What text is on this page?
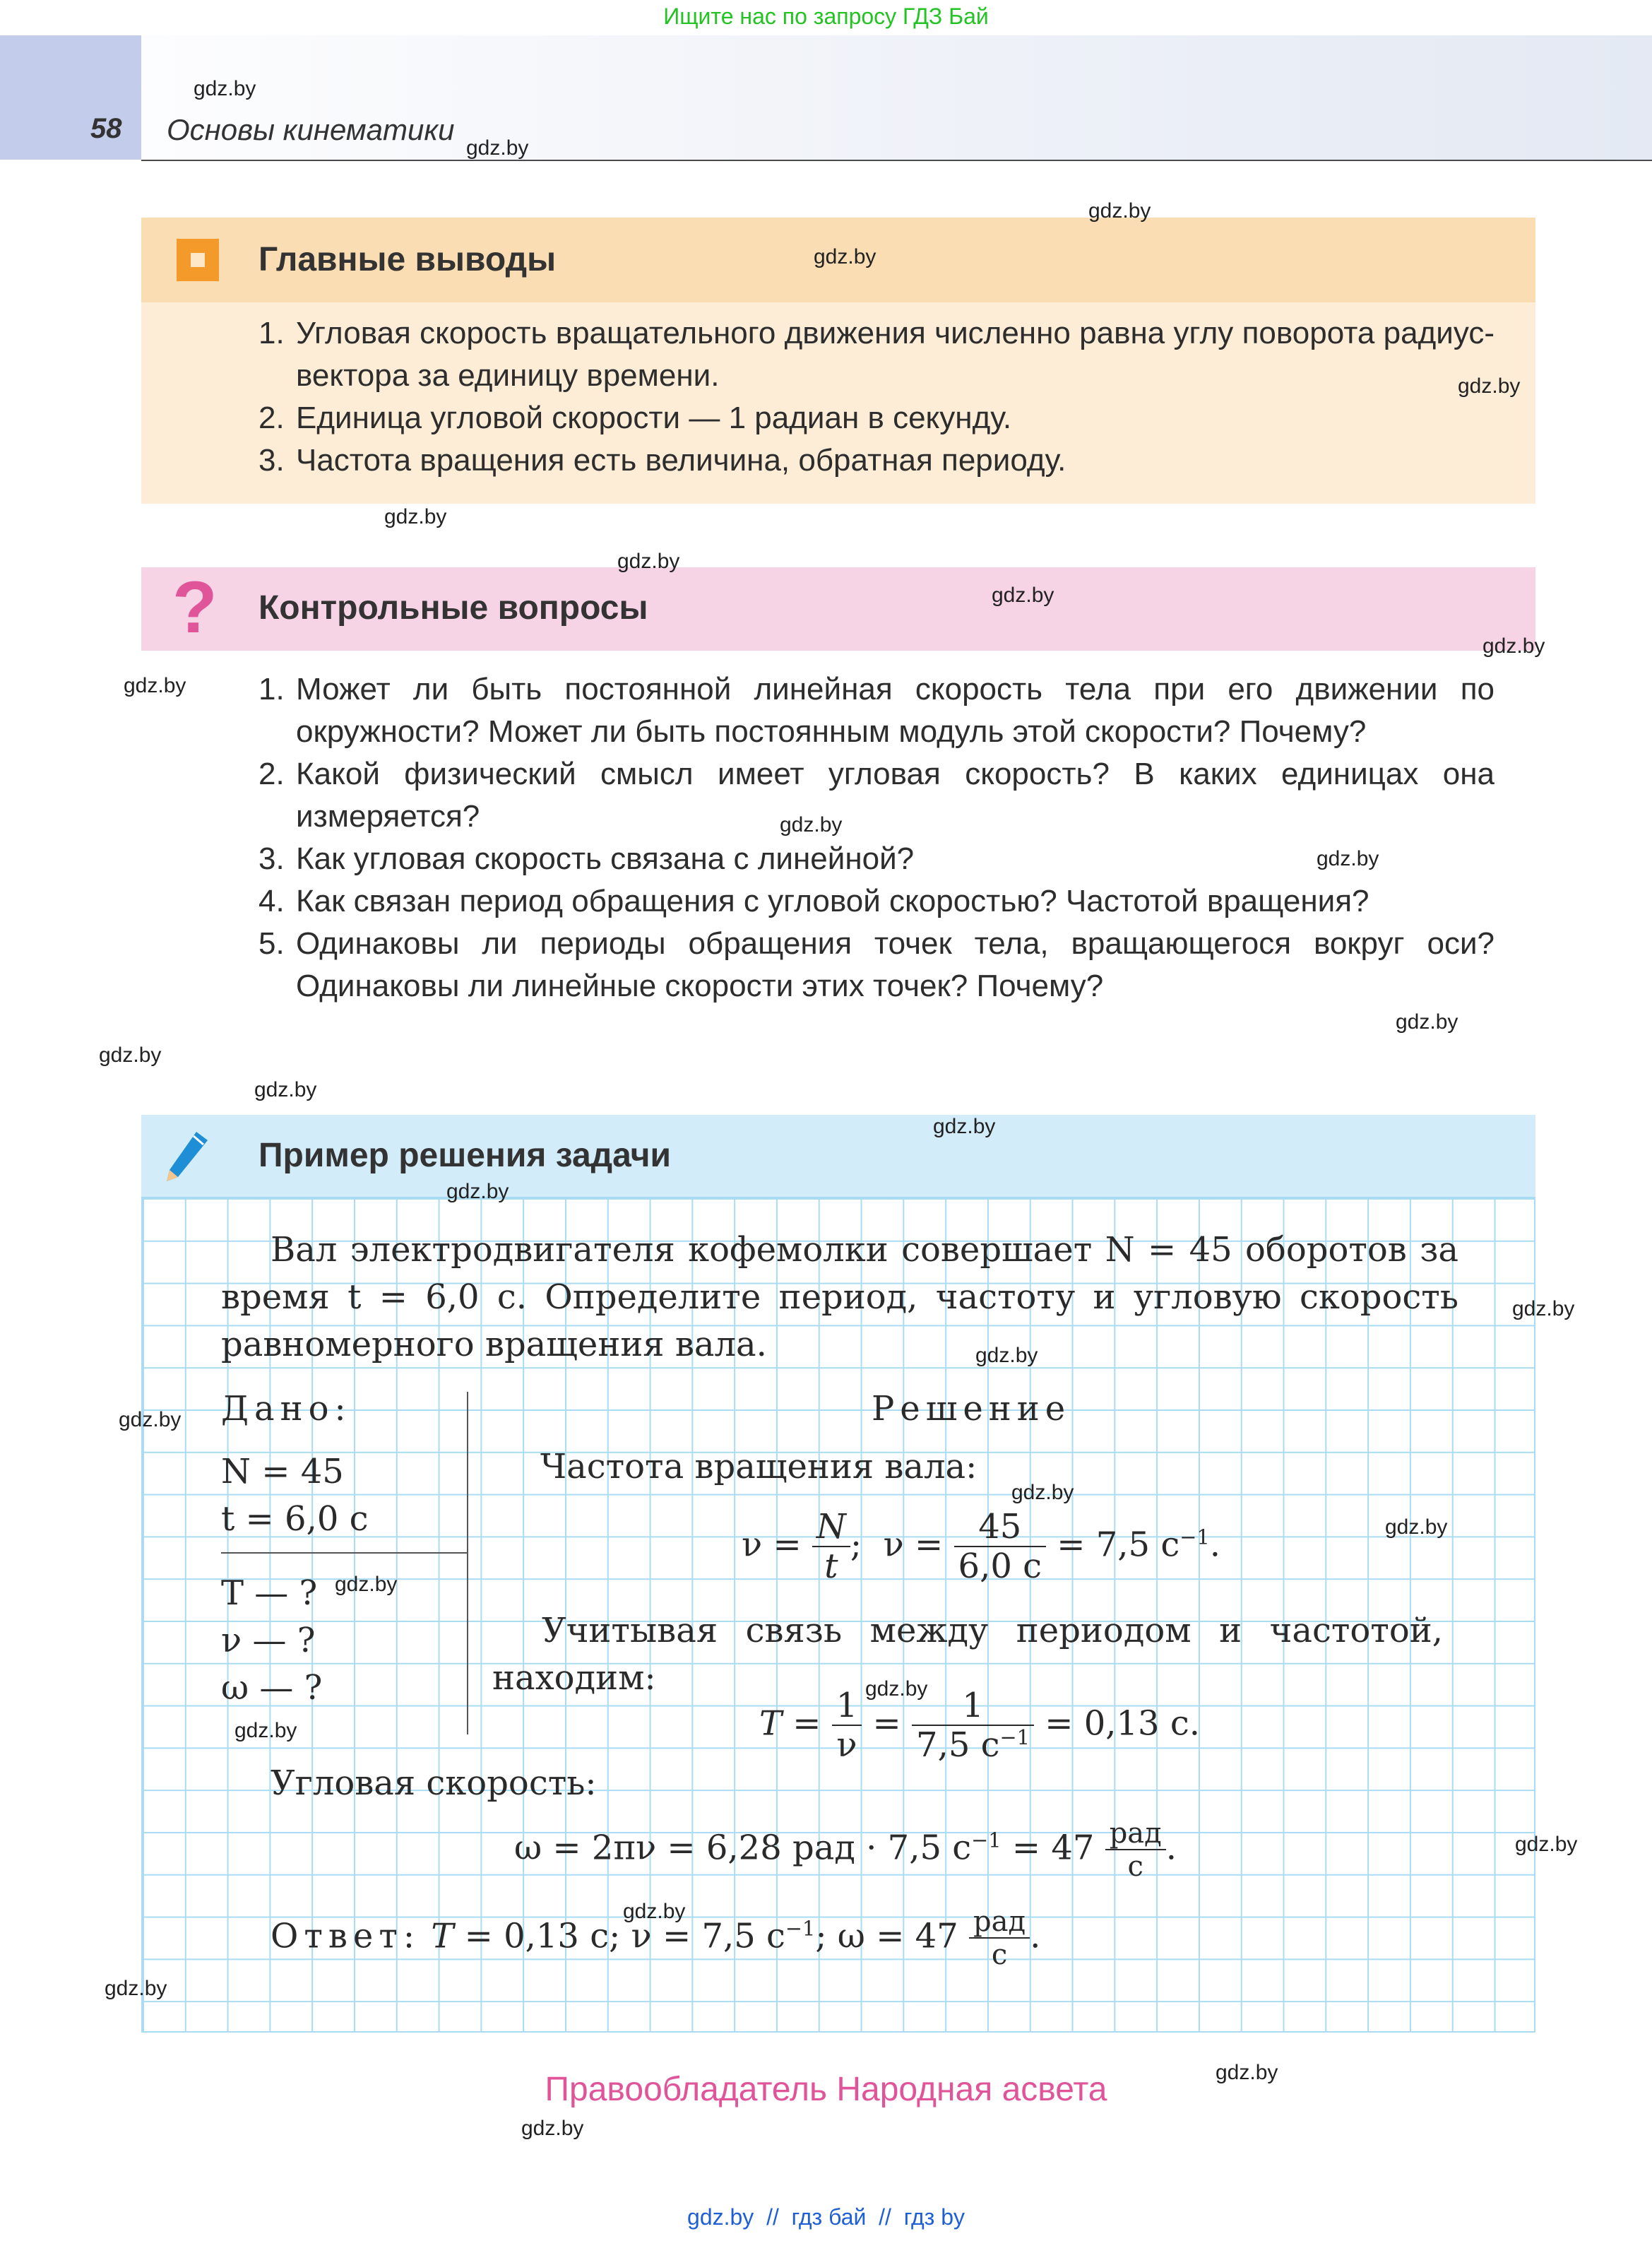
Ищите нас по запросу ГДЗ Бай
58 Основы кинематики
Главные выводы
1. Угловая скорость вращательного движения численно равна углу поворота радиус-вектора за единицу времени.
2. Единица угловой скорости — 1 радиан в секунду.
3. Частота вращения есть величина, обратная периоду.
? Контрольные вопросы
1. Может ли быть постоянной линейная скорость тела при его движении по окружности? Может ли быть постоянным модуль этой скорости? Почему?
2. Какой физический смысл имеет угловая скорость? В каких единицах она измеряется?
3. Как угловая скорость связана с линейной?
4. Как связан период обращения с угловой скоростью? Частотой вращения?
5. Одинаковы ли периоды обращения точек тела, вращающегося вокруг оси? Одинаковы ли линейные скорости этих точек? Почему?
Пример решения задачи
Вал электродвигателя кофемолки совершает N = 45 оборотов за время t = 6,0 с. Определите период, частоту и угловую скорость равномерного вращения вала.
Дано:
N = 45
t = 6,0 с
T — ?
ν — ?
ω — ?
Решение
Частота вращения вала:
$\nu = \frac{N}{t}$ ;  $\nu = \frac{45}{6,0 с} = 7,5$ $с^{-1}$.
Учитывая связь между периодом и частотой, находим:
$T = \frac{1}{\nu} = \frac{1}{7,5 с^{-1}} = 0,13$ с.
Угловая скорость:
ω = 2πν = 6,28 рад · 7,5 $с^{-1} = 47 \frac{\text{рад}}{с}$ .
Ответ: T = 0,13 с; ν = 7,5 $с^{-1}$; $\omega = 47 \frac{\text{рад}}{с}$ .
Правообладатель Народная асвета
gdz.by  //  гдз бай  //  гдз by
gdz.by
gdz.by
gdz.by
gdz.by
gdz.by
gdz.by
gdz.by
gdz.by
gdz.by
gdz.by
gdz.by
gdz.by
gdz.by
gdz.by
gdz.by
gdz.by
gdz.by
gdz.by
gdz.by
gdz.by
gdz.by
gdz.by
gdz.by
gdz.by
gdz.by
gdz.by
gdz.by
gdz.by
gdz.by
gdz.by
